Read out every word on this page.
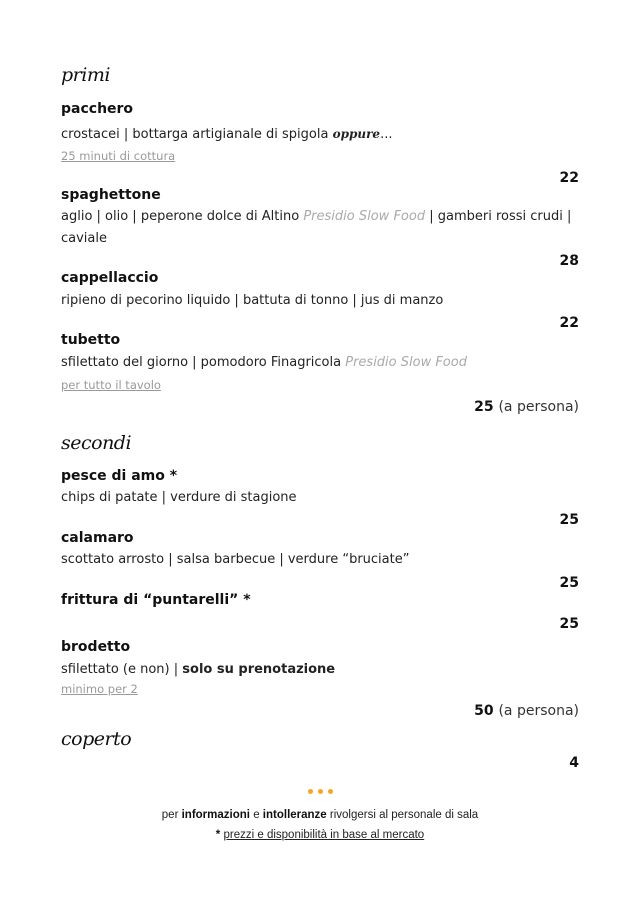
primi
pacchero
crostacei | bottarga artigianale di spigola oppure...
25 minuti di cottura
22
spaghettone
aglio | olio | peperone dolce di Altino Presidio Slow Food | gamberi rossi crudi |
caviale
28
cappellaccio
ripieno di pecorino liquido | battuta di tonno | jus di manzo
22
tubetto
sfilettato del giorno | pomodoro Finagricola Presidio Slow Food
per tutto il tavolo
25 (a persona)
secondi
pesce di amo *
chips di patate | verdure di stagione
25
calamaro
scottato arrosto | salsa barbecue | verdure “bruciate”
25
frittura di “puntarelli” *
25
brodetto
sfilettato (e non) | solo su prenotazione
minimo per 2
50 (a persona)
coperto
4
per informazioni e intolleranze rivolgersi al personale di sala
* prezzi e disponibilità in base al mercato
